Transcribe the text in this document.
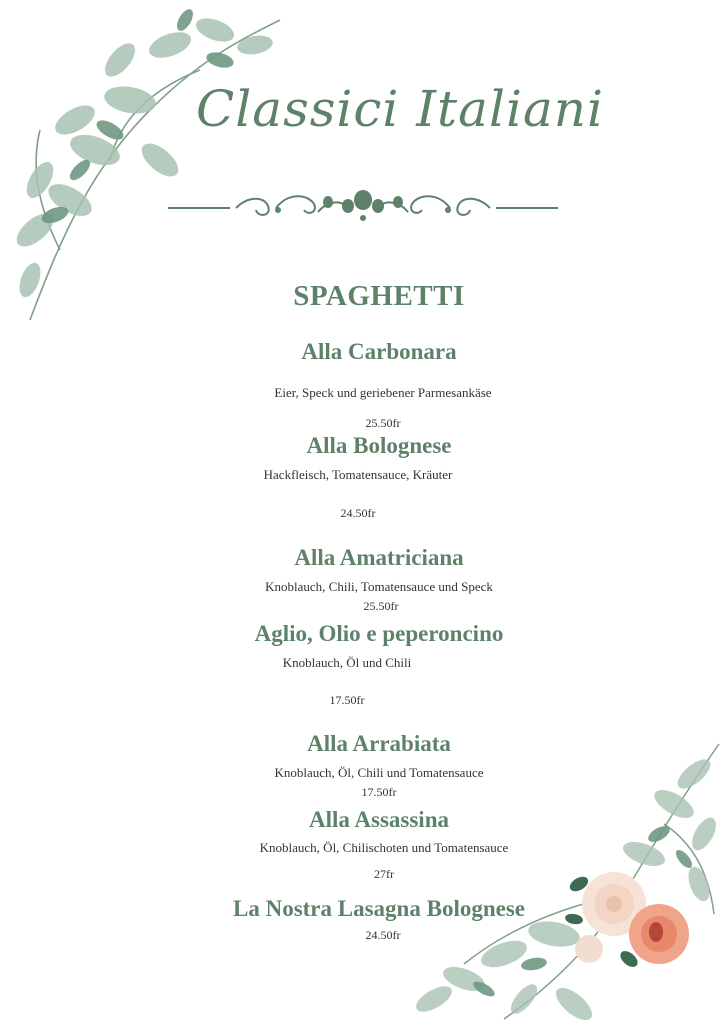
Classici Italiani
SPAGHETTI
Alla Carbonara
Eier, Speck und geriebener Parmesankäse
25.50fr
Alla Bolognese
Hackfleisch, Tomatensauce, Kräuter
24.50fr
Alla Amatriciana
Knoblauch, Chili, Tomatensauce und Speck
25.50fr
Aglio, Olio e peperoncino
Knoblauch, Öl und Chili
17.50fr
Alla Arrabiata
Knoblauch, Öl, Chili und Tomatensauce
17.50fr
Alla Assassina
Knoblauch, Öl, Chilischoten und Tomatensauce
27fr
La Nostra Lasagna Bolognese
24.50fr
